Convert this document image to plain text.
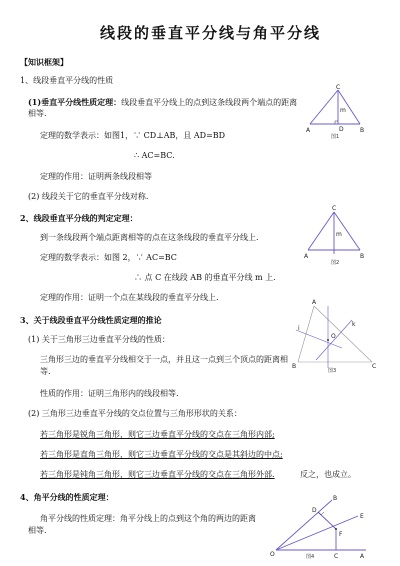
线段的垂直平分线与角平分线
【知识框架】
1、线段垂直平分线的性质
(1)垂直平分线性质定理：线段垂直平分线上的点到这条线段两个端点的距离
相等.
定理的数学表示：如图1，∵ CD⊥AB，且 AD=BD
∴ AC=BC.
定理的作用：证明两条线段相等
(2) 线段关于它的垂直平分线对称.
2、线段垂直平分线的判定定理：
到一条线段两个端点距离相等的点在这条线段的垂直平分线上.
定理的数学表示：如图 2，∵ AC=BC
∴ 点 C 在线段 AB 的垂直平分线 m 上.
定理的作用：证明一个点在某线段的垂直平分线上.
3、关于线段垂直平分线性质定理的推论
(1) 关于三角形三边垂直平分线的性质：
三角形三边的垂直平分线相交于一点，并且这一点到三个顶点的距离相
等.
性质的作用：证明三角形内的线段相等.
(2) 三角形三边垂直平分线的交点位置与三角形形状的关系：
若三角形是锐角三角形，则它三边垂直平分线的交点在三角形内部;
若三角形是直角三角形，则它三边垂直平分线的交点是其斜边的中点;
若三角形是钝角三角形，则它三边垂直平分线的交点在三角形外部.	反之，也成立。
4、角平分线的性质定理：
角平分线的性质定理：角平分线上的点到这个角的两边的距离
相等.
C
m
A	D	B
图1
C
m
A	B
图2
A
i
k
O
B	C
图3
B
D
E
F
O	C	A
图4
